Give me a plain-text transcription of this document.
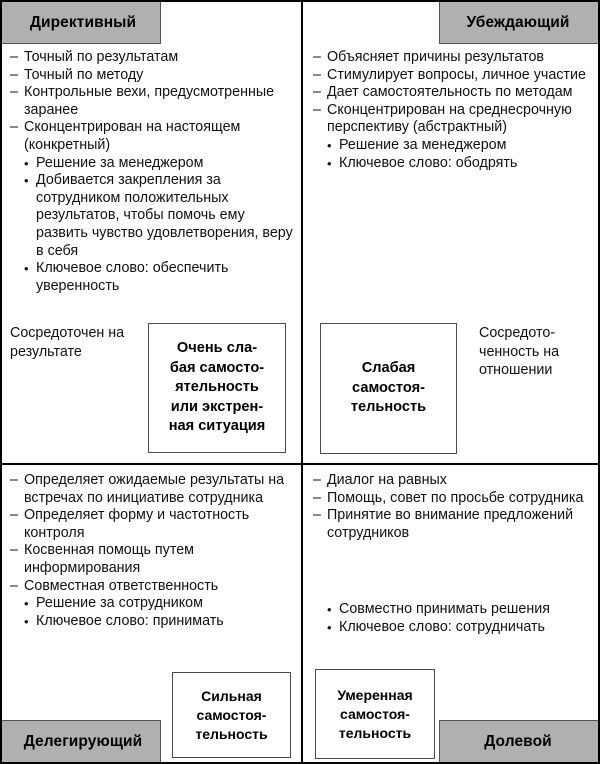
Директивный	Убеждающий
Делегирующий	Долевой
– Точный по результатам
– Точный по методу
– Контрольные вехи, предусмотренные заранее
– Сконцентрирован на настоящем (конкретный)
• Решение за менеджером
• Добивается закрепления за сотрудником положительных результатов, чтобы помочь ему развить чувство удовлетворения, веру в себя
• Ключевое слово: обеспечить уверенность
– Объясняет причины результатов
– Стимулирует вопросы, личное участие
– Дает самостоятельность по методам
– Сконцентрирован на среднесрочную перспективу (абстрактный)
• Решение за менеджером
• Ключевое слово: ободрять
– Определяет ожидаемые результаты на встречах по инициативе сотрудника
– Определяет форму и частотность контроля
– Косвенная помощь путем информирования
– Совместная ответственность
• Решение за сотрудником
• Ключевое слово: принимать
– Диалог на равных
– Помощь, совет по просьбе сотрудника
– Принятие во внимание предложений сотрудников
• Совместно принимать решения
• Ключевое слово: сотрудничать
Сосредоточен на результате
Сосредоточенность на отношении
Очень сла-
бая самосто-
ятельность
или экстрен-
ная ситуация
Слабая
самостоя-
тельность
Сильная
самостоя-
тельность
Умеренная
самостоя-
тельность
